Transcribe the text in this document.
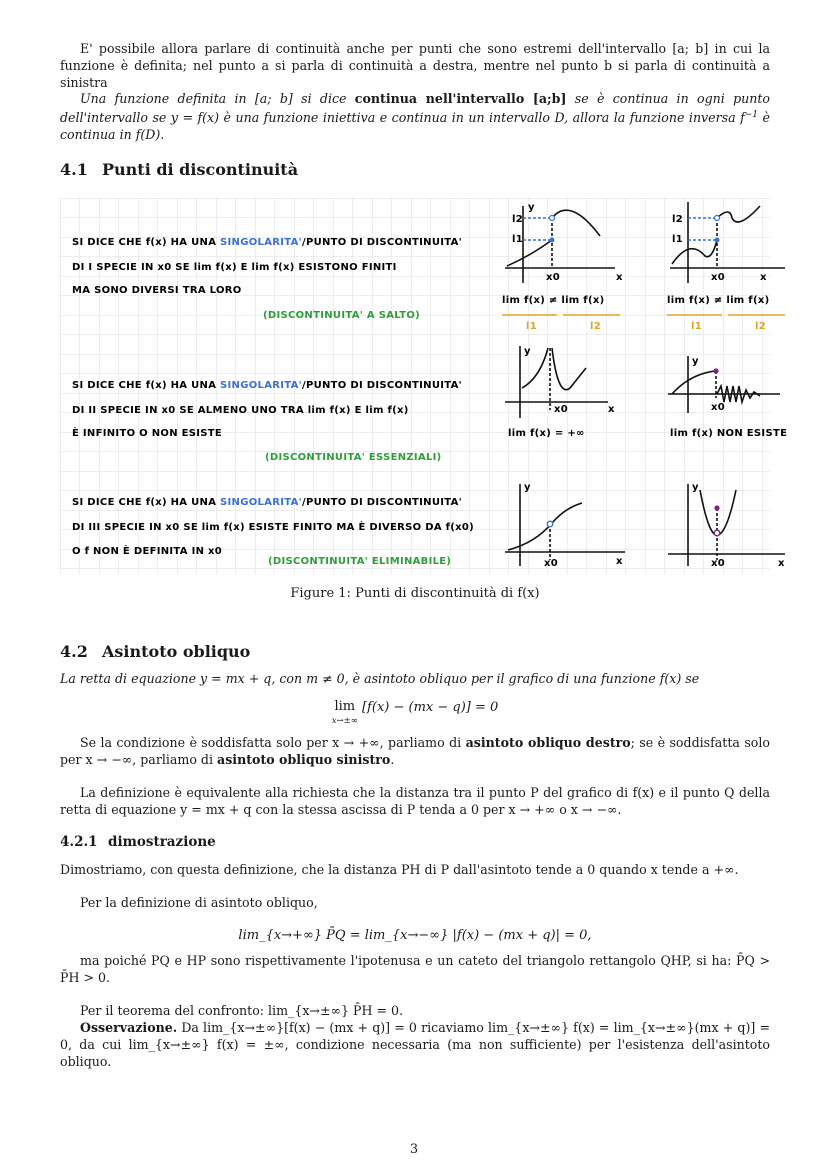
E' possibile allora parlare di continuità anche per punti che sono estremi dell'intervallo [a; b] in cui la funzione è definita; nel punto a si parla di continuità a destra, mentre nel punto b si parla di continuità a sinistra
Una funzione definita in [a; b] si dice continua nell'intervallo [a;b] se è continua in ogni punto dell'intervallo se y = f(x) è una funzione iniettiva e continua in un intervallo D, allora la funzione inversa $f^{-1}$ è continua in f(D).
4.1 Punti di discontinuità
SI DICE CHE f(x) HA UNA SINGOLARITA'/PUNTO DI DISCONTINUITA'
DI I SPECIE IN x0 SE lim f(x) E lim f(x) ESISTONO FINITI
MA SONO DIVERSI TRA LORO
(DISCONTINUITA' A SALTO)
l2
l1
x0	x
y
lim f(x) ≠ lim f(x)
l1	l2
l2
l1
x0	x
lim f(x) ≠ lim f(x)
l1	l2
SI DICE CHE f(x) HA UNA SINGOLARITA'/PUNTO DI DISCONTINUITA'
DI II SPECIE IN x0 SE ALMENO UNO TRA lim f(x) E lim f(x)
È INFINITO O NON ESISTE
(DISCONTINUITA' ESSENZIALI)
x0	x
y
lim f(x) = +∞
x0
y
lim f(x) NON ESISTE
SI DICE CHE f(x) HA UNA SINGOLARITA'/PUNTO DI DISCONTINUITA'
DI III SPECIE IN x0 SE lim f(x) ESISTE FINITO MA È DIVERSO DA f(x0)
O f NON È DEFINITA IN x0
(DISCONTINUITA' ELIMINABILE)	x0	x
y
x0	x
y
Figure 1: Punti di discontinuità di f(x)
4.2 Asintoto obliquo
La retta di equazione y = mx + q, con m ≠ 0, è asintoto obliquo per il grafico di una funzione f(x) se
lim
x→±∞ [f(x) − (mx − q)] = 0
Se la condizione è soddisfatta solo per x → +∞, parliamo di asintoto obliquo destro; se è soddisfatta solo per x → −∞, parliamo di asintoto obliquo sinistro.
La definizione è equivalente alla richiesta che la distanza tra il punto P del grafico di f(x) e il punto Q della retta di equazione y = mx + q con la stessa ascissa di P tenda a 0 per x → +∞ o x → −∞.
4.2.1 dimostrazione
Dimostriamo, con questa definizione, che la distanza PH di P dall'asintoto tende a 0 quando x tende a +∞.
Per la definizione di asintoto obliquo,
lim_{x→+∞} P̄Q = lim_{x→−∞} |f(x) − (mx + q)| = 0,
ma poiché PQ e HP sono rispettivamente l'ipotenusa e un cateto del triangolo rettangolo QHP, si ha: P̄Q > P̄H > 0.
Per il teorema del confronto: lim_{x→±∞} P̄H = 0.
Osservazione. Da lim_{x→±∞}[f(x) − (mx + q)] = 0 ricaviamo lim_{x→±∞} f(x) = lim_{x→±∞}(mx + q)] = 0, da cui lim_{x→±∞} f(x) = ±∞, condizione necessaria (ma non sufficiente) per l'esistenza dell'asintoto obliquo.
3
